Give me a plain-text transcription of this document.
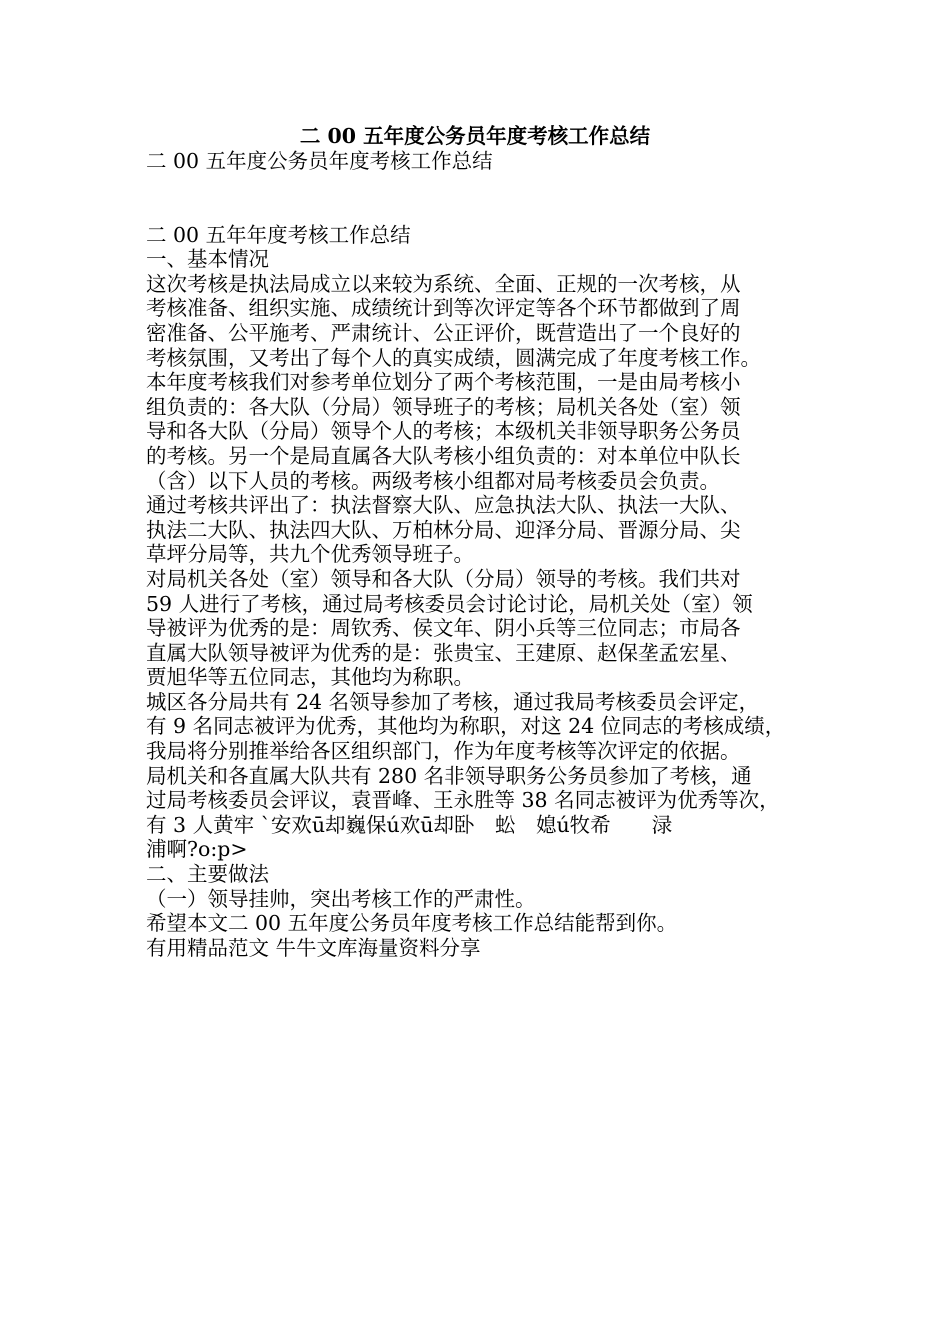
二 00 五年度公务员年度考核工作总结
二 00 五年度公务员年度考核工作总结
二 00 五年年度考核工作总结
一、基本情况
这次考核是执法局成立以来较为系统、全面、正规的一次考核，从
考核准备、组织实施、成绩统计到等次评定等各个环节都做到了周
密准备、公平施考、严肃统计、公正评价，既营造出了一个良好的
考核氛围，又考出了每个人的真实成绩，圆满完成了年度考核工作。
本年度考核我们对参考单位划分了两个考核范围，一是由局考核小
组负责的：各大队（分局）领导班子的考核；局机关各处（室）领
导和各大队（分局）领导个人的考核；本级机关非领导职务公务员
的考核。另一个是局直属各大队考核小组负责的：对本单位中队长
（含）以下人员的考核。两级考核小组都对局考核委员会负责。
通过考核共评出了：执法督察大队、应急执法大队、执法一大队、
执法二大队、执法四大队、万柏林分局、迎泽分局、晋源分局、尖
草坪分局等，共九个优秀领导班子。
对局机关各处（室）领导和各大队（分局）领导的考核。我们共对
59 人进行了考核，通过局考核委员会讨论讨论，局机关处（室）领
导被评为优秀的是：周钦秀、侯文年、阴小兵等三位同志；市局各
直属大队领导被评为优秀的是：张贵宝、王建原、赵保垄孟宏星、
贾旭华等五位同志，其他均为称职。
城区各分局共有 24 名领导参加了考核，通过我局考核委员会评定，
有 9 名同志被评为优秀，其他均为称职，对这 24 位同志的考核成绩，
我局将分别推举给各区组织部门，作为年度考核等次评定的依据。
局机关和各直属大队共有 280 名非领导职务公务员参加了考核，通
过局考核委员会评议，袁晋峰、王永胜等 38 名同志被评为优秀等次，
有 3 人黄牢 `安欢ū却巍保ú欢ū却卧　蚣　媳ú牧希　　渌
浦啊?o:p>
二、主要做法
（一）领导挂帅，突出考核工作的严肃性。
希望本文二 00 五年度公务员年度考核工作总结能帮到你。
有用精品范文 牛牛文库海量资料分享
